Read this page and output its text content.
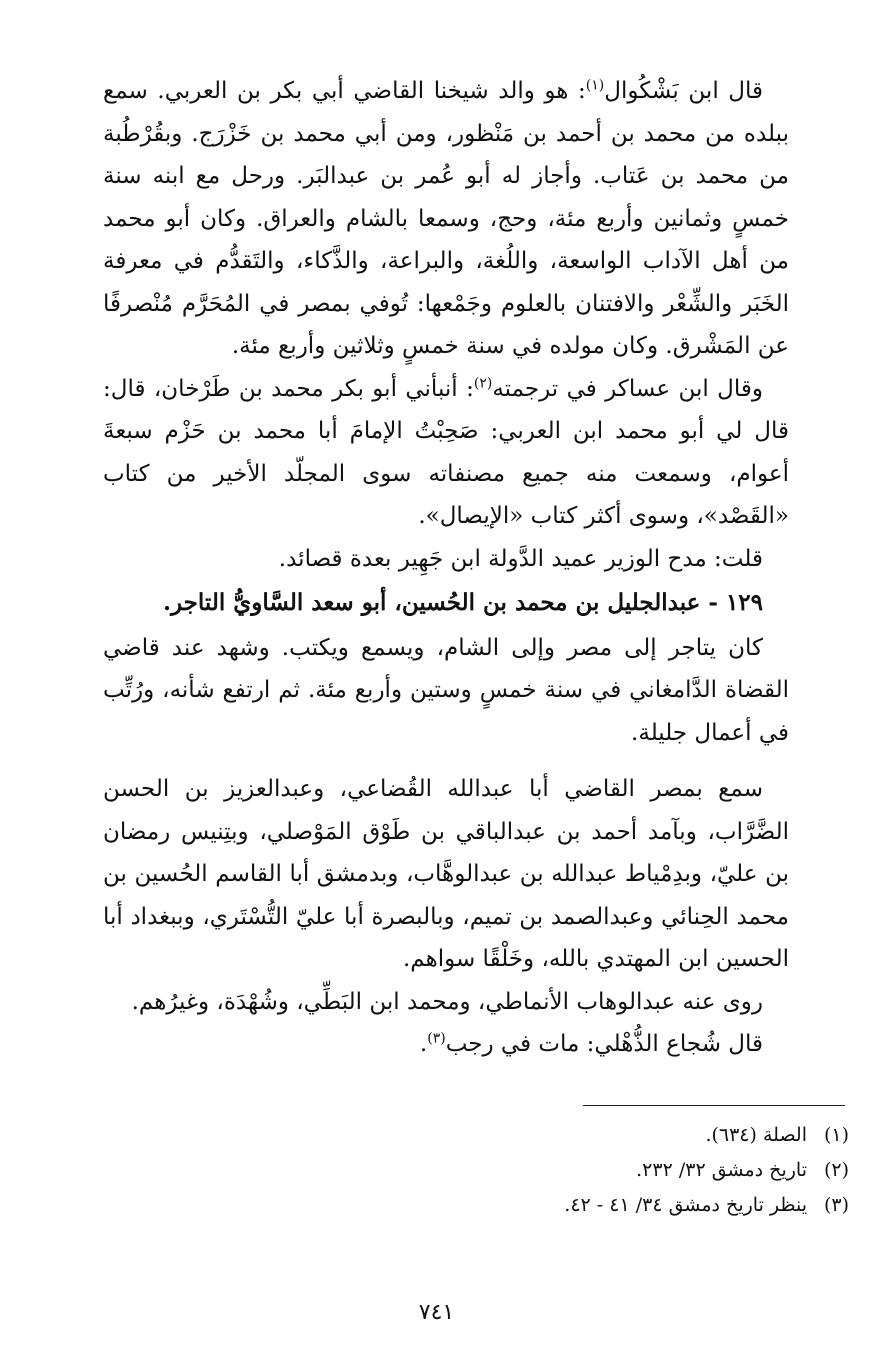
قال ابن بَشْكُوال$^{(١)}$: هو والد شيخنا القاضي أبي بكر بن العربي. سمع ببلده من محمد بن أحمد بن مَنْظور، ومن أبي محمد بن خَزْرَج. وبقُرْطُبة من محمد بن عَتاب. وأجاز له أبو عُمر بن عبدالبَر. ورحل مع ابنه سنة خمسٍ وثمانين وأربع مئة، وحج، وسمعا بالشام والعراق. وكان أبو محمد من أهل الآداب الواسعة، واللُغة، والبراعة، والذَّكاء، والتَقدُّم في معرفة الخَبَر والشِّعْر والافتنان بالعلوم وجَمْعها: تُوفي بمصر في المُحَرَّم مُنْصرفًا عن المَشْرق. وكان مولده في سنة خمسٍ وثلاثين وأربع مئة.

وقال ابن عساكر في ترجمته$^{(٢)}$: أنبأني أبو بكر محمد بن طَرْخان، قال: قال لي أبو محمد ابن العربي: صَحِبْتُ الإمامَ أبا محمد بن حَزْم سبعةَ أعوام، وسمعت منه جميع مصنفاته سوى المجلّد الأخير من كتاب «القَصْد»، وسوى أكثر كتاب «الإيصال».

قلت: مدح الوزير عميد الدَّولة ابن جَهِير بعدة قصائد.

١٢٩ - عبدالجليل بن محمد بن الحُسين، أبو سعد السَّاويُّ التاجر.

كان يتاجر إلى مصر وإلى الشام، ويسمع ويكتب. وشهد عند قاضي القضاة الدَّامغاني في سنة خمسٍ وستين وأربع مئة. ثم ارتفع شأنه، ورُتِّب في أعمال جليلة.

سمع بمصر القاضي أبا عبدالله القُضاعي، وعبدالعزيز بن الحسن الضَّرَّاب، وبآمد أحمد بن عبدالباقي بن طَوْق المَوْصلي، وبتِنيس رمضان بن عليّ، وبدِمْياط عبدالله بن عبدالوهَّاب، وبدمشق أبا القاسم الحُسين بن محمد الحِنائي وعبدالصمد بن تميم، وبالبصرة أبا عليّ التُّسْتَري، وببغداد أبا الحسين ابن المهتدي بالله، وخَلْقًا سواهم.

روى عنه عبدالوهاب الأنماطي، ومحمد ابن البَطِّي، وشُهْدَة، وغيرُهم.

قال شُجاع الذُّهْلي: مات في رجب$^{(٣)}$.

(١)
الصلة (٦٣٤).
(٢)
تاريخ دمشق ٣٢/ ٢٣٢.
(٣)
ينظر تاريخ دمشق ٣٤/ ٤١ - ٤٢.
٧٤١
